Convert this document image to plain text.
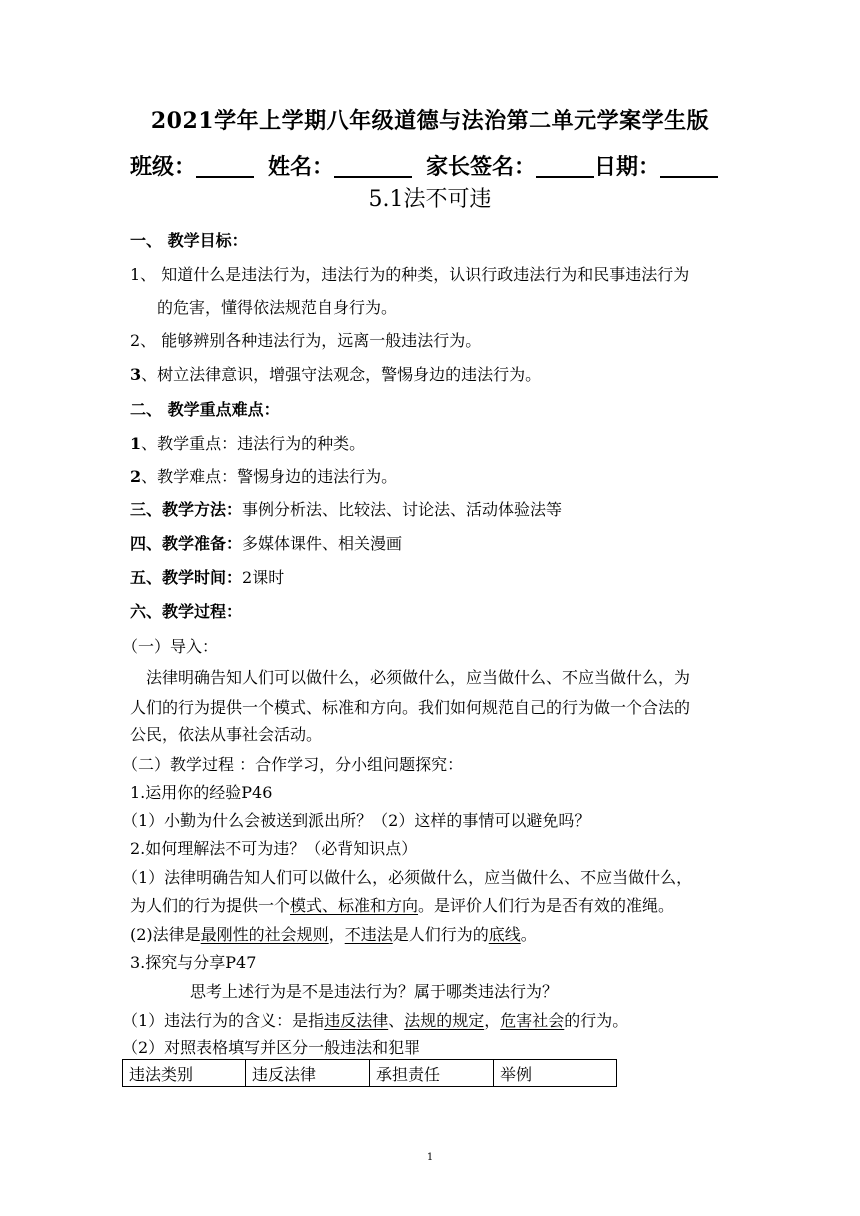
2021学年上学期八年级道德与法治第二单元学案学生版
班级：	姓名：	家长签名：	日期：
5.1法不可违
一、 教学目标：
1、 知道什么是违法行为，违法行为的种类，认识行政违法行为和民事违法行为
的危害，懂得依法规范自身行为。
2、 能够辨别各种违法行为，远离一般违法行为。
3、树立法律意识，增强守法观念，警惕身边的违法行为。
二、 教学重点难点：
1、教学重点：违法行为的种类。
2、教学难点：警惕身边的违法行为。
三、教学方法：事例分析法、比较法、讨论法、活动体验法等
四、教学准备：多媒体课件、相关漫画
五、教学时间：2课时
六、教学过程：
（一）导入：
法律明确告知人们可以做什么，必须做什么，应当做什么、不应当做什么，为
人们的行为提供一个模式、标准和方向。我们如何规范自己的行为做一个合法的
公民，依法从事社会活动。
（二）教学过程 ：合作学习，分小组问题探究：
1.运用你的经验P46
（1）小勤为什么会被送到派出所？（2）这样的事情可以避免吗？
2.如何理解法不可为违？（必背知识点）
（1）法律明确告知人们可以做什么，必须做什么，应当做什么、不应当做什么，
为人们的行为提供一个模式、标准和方向。是评价人们行为是否有效的准绳。
(2)法律是最刚性的社会规则，不违法是人们行为的底线。
3.探究与分享P47
思考上述行为是不是违法行为？属于哪类违法行为？
（1）违法行为的含义：是指违反法律、法规的规定，危害社会的行为。
（2）对照表格填写并区分一般违法和犯罪
违法类别	违反法律	承担责任	举例
1
